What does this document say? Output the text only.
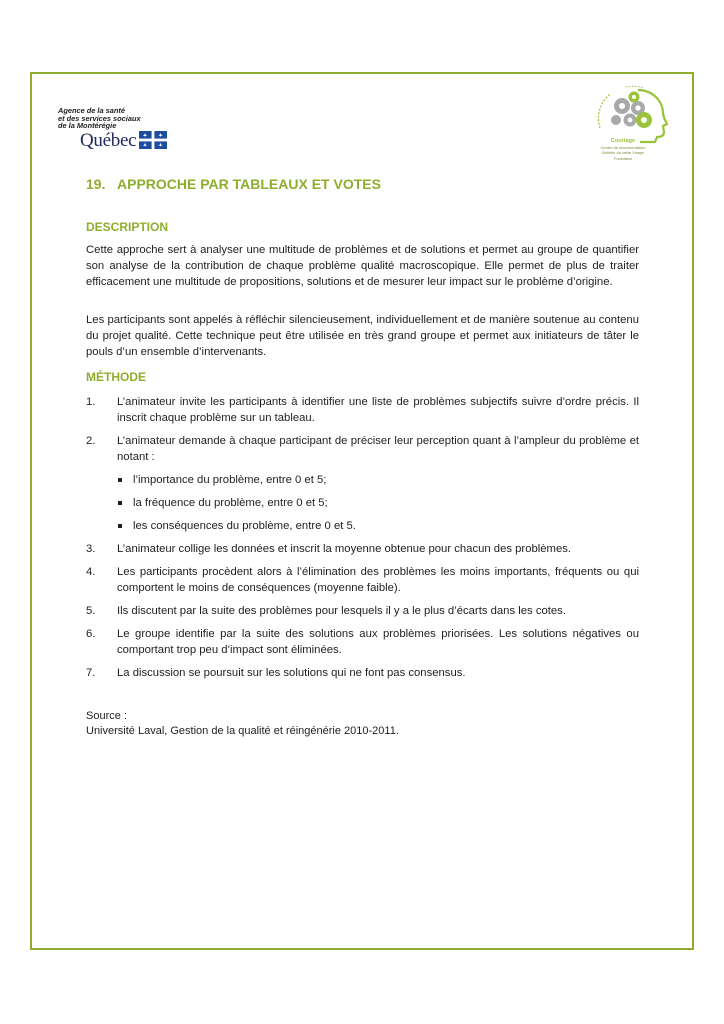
Agence de la santé
et des services sociaux
de la Montérégie
Québec	Courtage
Centre de documentation
Bulletin du veille Virage
Formation
19. APPROCHE PAR TABLEAUX ET VOTES
DESCRIPTION

Cette approche sert à analyser une multitude de problèmes et de solutions et permet au groupe de quantifier son analyse de la contribution de chaque problème qualité macroscopique. Elle permet de plus de traiter efficacement une multitude de propositions, solutions et de mesurer leur impact sur le problème d’origine.

Les participants sont appelés à réfléchir silencieusement, individuellement et de manière soutenue au contenu du projet qualité. Cette technique peut être utilisée en très grand groupe et permet aux initiateurs de tâter le pouls d’un ensemble d’intervenants.

MÉTHODE
1. L’animateur invite les participants à identifier une liste de problèmes subjectifs suivre d’ordre précis. Il inscrit chaque problème sur un tableau.
2. L’animateur demande à chaque participant de préciser leur perception quant à l’ampleur du problème et notant :
l’importance du problème, entre 0 et 5;
la fréquence du problème, entre 0 et 5;
les conséquences du problème, entre 0 et 5.
3. L’animateur collige les données et inscrit la moyenne obtenue pour chacun des problèmes.
4. Les participants procèdent alors à l’élimination des problèmes les moins importants, fréquents ou qui comportent le moins de conséquences (moyenne faible).
5. Ils discutent par la suite des problèmes pour lesquels il y a le plus d’écarts dans les cotes.
6. Le groupe identifie par la suite des solutions aux problèmes priorisées. Les solutions négatives ou comportant trop peu d’impact sont éliminées.
7. La discussion se poursuit sur les solutions qui ne font pas consensus.
Source :
Université Laval, Gestion de la qualité et réingénérie 2010-2011.
